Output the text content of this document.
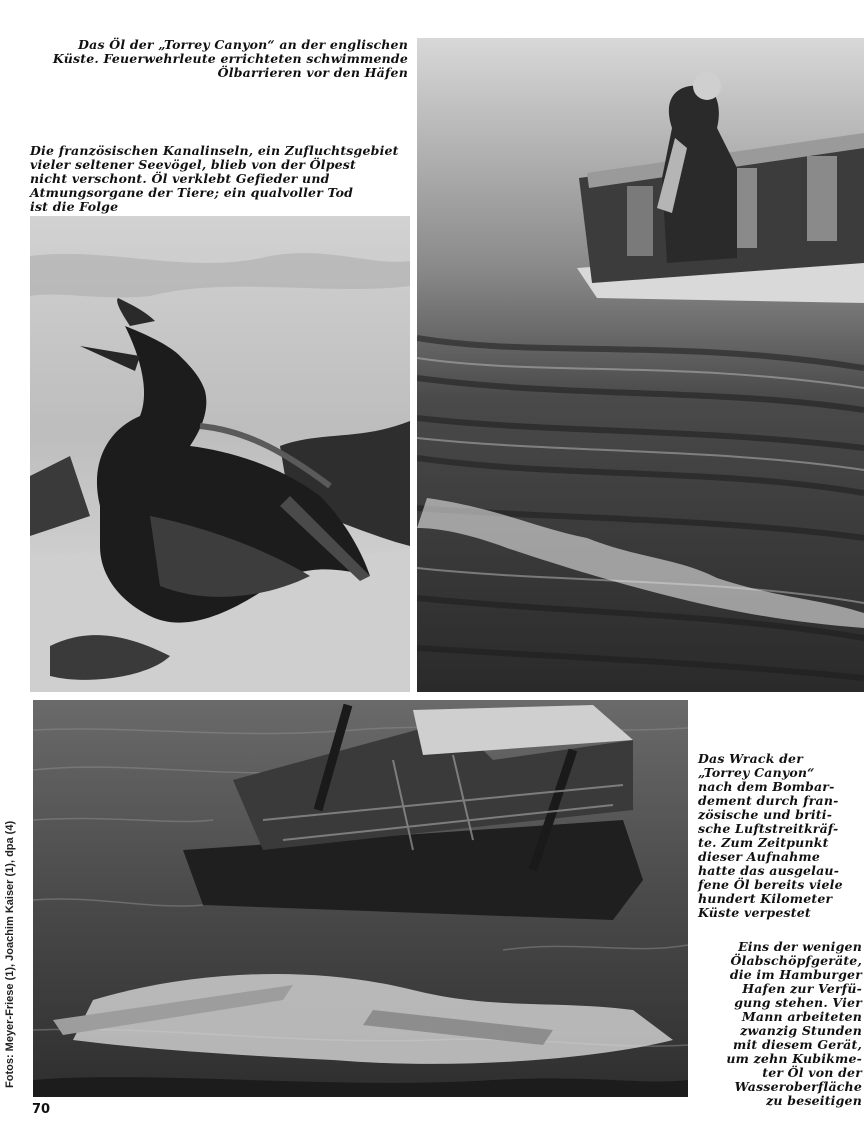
Das Öl der „Torrey Canyon“ an der englischen
Küste. Feuerwehrleute errichteten schwimmende
Ölbarrieren vor den Häfen
Die französischen Kanalinseln, ein Zufluchtsgebiet
vieler seltener Seevögel, blieb von der Ölpest
nicht verschont. Öl verklebt Gefieder und
Atmungsorgane der Tiere; ein qualvoller Tod
ist die Folge
Das Wrack der
„Torrey Canyon“
nach dem Bombar-
dement durch fran-
zösische und briti-
sche Luftstreitkräf-
te. Zum Zeitpunkt
dieser Aufnahme
hatte das ausgelau-
fene Öl bereits viele
hundert Kilometer
Küste verpestet
Eins der wenigen
Ölabschöpfgeräte,
die im Hamburger
Hafen zur Verfü-
gung stehen. Vier
Mann arbeiteten
zwanzig Stunden
mit diesem Gerät,
um zehn Kubikme-
ter Öl von der
Wasseroberfläche
zu beseitigen
Fotos: Meyer-Friese (1), Joachim Kaiser (1), dpa (4)
70
